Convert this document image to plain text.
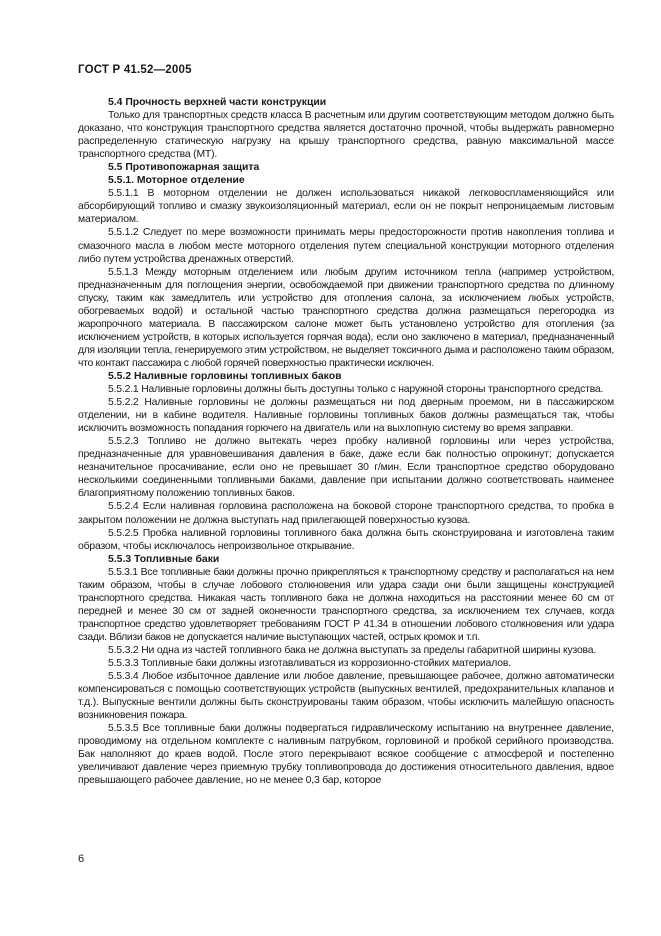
ГОСТ Р 41.52—2005

5.4 Прочность верхней части конструкции

Только для транспортных средств класса B расчетным или другим соответствующим методом должно быть доказано, что конструкция транспортного средства является достаточно прочной, чтобы выдержать равномерно распределенную статическую нагрузку на крышу транспортного средства, равную максимальной массе транспортного средства (МТ).

5.5 Противопожарная защита

5.5.1. Моторное отделение

5.5.1.1 В моторном отделении не должен использоваться никакой легковоспламеняющийся или абсорбирующий топливо и смазку звукоизоляционный материал, если он не покрыт непроницаемым листовым материалом.

5.5.1.2 Следует по мере возможности принимать меры предосторожности против накопления топлива и смазочного масла в любом месте моторного отделения путем специальной конструкции моторного отделения либо путем устройства дренажных отверстий.

5.5.1.3 Между моторным отделением или любым другим источником тепла (например устройством, предназначенным для поглощения энергии, освобождаемой при движении транспортного средства по длинному спуску, таким как замедлитель или устройство для отопления салона, за исключением любых устройств, обогреваемых водой) и остальной частью транспортного средства должна размещаться перегородка из жаропрочного материала. В пассажирском салоне может быть установлено устройство для отопления (за исключением устройств, в которых используется горячая вода), если оно заключено в материал, предназначенный для изоляции тепла, генерируемого этим устройством, не выделяет токсичного дыма и расположено таким образом, что контакт пассажира с любой горячей поверхностью практически исключен.

5.5.2 Наливные горловины топливных баков

5.5.2.1 Наливные горловины должны быть доступны только с наружной стороны транспортного средства.

5.5.2.2 Наливные горловины не должны размещаться ни под дверным проемом, ни в пассажирском отделении, ни в кабине водителя. Наливные горловины топливных баков должны размещаться так, чтобы исключить возможность попадания горючего на двигатель или на выхлопную систему во время заправки.

5.5.2.3 Топливо не должно вытекать через пробку наливной горловины или через устройства, предназначенные для уравновешивания давления в баке, даже если бак полностью опрокинут; допускается незначительное просачивание, если оно не превышает 30 г/мин. Если транспортное средство оборудовано несколькими соединенными топливными баками, давление при испытании должно соответствовать наименее благоприятному положению топливных баков.

5.5.2.4 Если наливная горловина расположена на боковой стороне транспортного средства, то пробка в закрытом положении не должна выступать над прилегающей поверхностью кузова.

5.5.2.5 Пробка наливной горловины топливного бака должна быть сконструирована и изготовлена таким образом, чтобы исключалось непроизвольное открывание.

5.5.3 Топливные баки

5.5.3.1 Все топливные баки должны прочно прикрепляться к транспортному средству и располагаться на нем таким образом, чтобы в случае лобового столкновения или удара сзади они были защищены конструкцией транспортного средства. Никакая часть топливного бака не должна находиться на расстоянии менее 60 см от передней и менее 30 см от задней оконечности транспортного средства, за исключением тех случаев, когда транспортное средство удовлетворяет требованиям ГОСТ Р 41.34 в отношении лобового столкновения или удара сзади. Вблизи баков не допускается наличие выступающих частей, острых кромок и т.п.

5.5.3.2 Ни одна из частей топливного бака не должна выступать за пределы габаритной ширины кузова.

5.5.3.3 Топливные баки должны изготавливаться из коррозионно-стойких материалов.

5.5.3.4 Любое избыточное давление или любое давление, превышающее рабочее, должно автоматически компенсироваться с помощью соответствующих устройств (выпускных вентилей, предохранительных клапанов и т.д.). Выпускные вентили должны быть сконструированы таким образом, чтобы исключить малейшую опасность возникновения пожара.

5.5.3.5 Все топливные баки должны подвергаться гидравлическому испытанию на внутреннее давление, проводимому на отдельном комплекте с наливным патрубком, горловиной и пробкой серийного производства. Бак наполняют до краев водой. После этого перекрывают всякое сообщение с атмосферой и постепенно увеличивают давление через приемную трубку топливопровода до достижения относительного давления, вдвое превышающего рабочее давление, но не менее 0,3 бар, которое

6
